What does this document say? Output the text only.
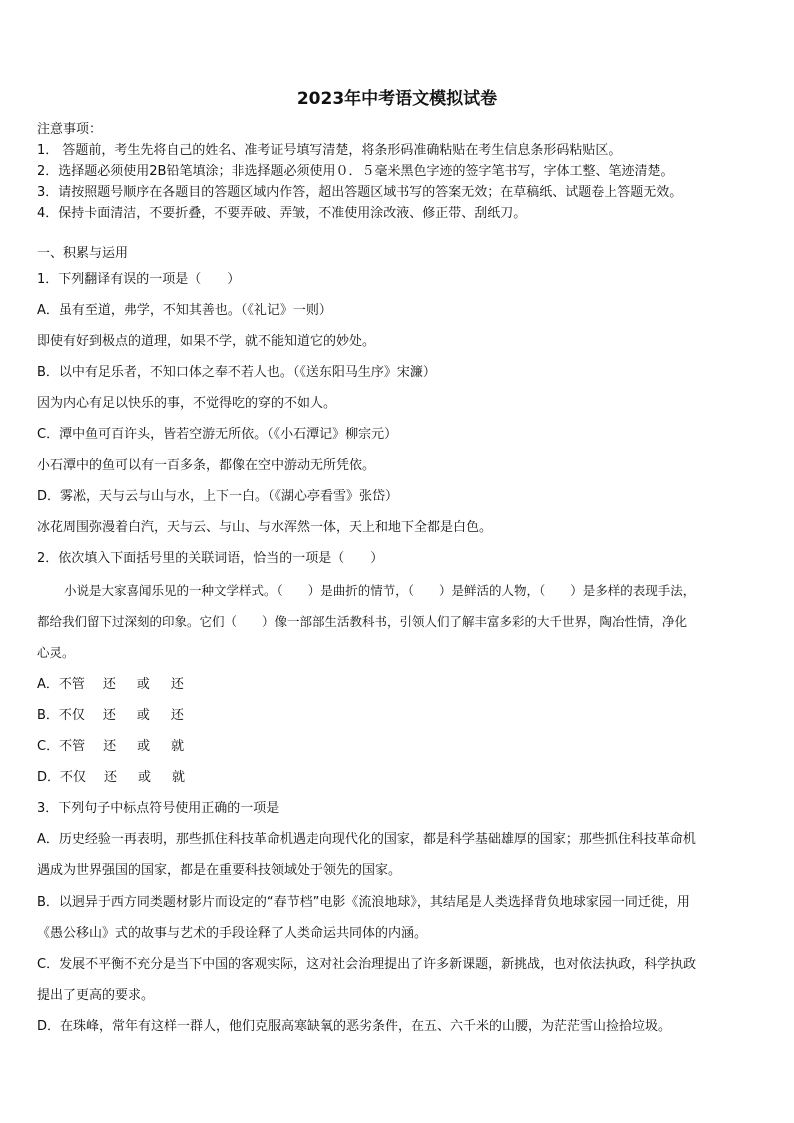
2023年中考语文模拟试卷
注意事项：
1． 答题前，考生先将自己的姓名、准考证号填写清楚，将条形码准确粘贴在考生信息条形码粘贴区。
2．选择题必须使用2B铅笔填涂；非选择题必须使用０．５毫米黑色字迹的签字笔书写，字体工整、笔迹清楚。
3．请按照题号顺序在各题目的答题区域内作答，超出答题区域书写的答案无效；在草稿纸、试题卷上答题无效。
4．保持卡面清洁，不要折叠，不要弄破、弄皱，不准使用涂改液、修正带、刮纸刀。
一、积累与运用
1．下列翻译有误的一项是（　　）
A．虽有至道，弗学，不知其善也。（《礼记》一则）
即使有好到极点的道理，如果不学，就不能知道它的妙处。
B．以中有足乐者，不知口体之奉不若人也。（《送东阳马生序》宋濂）
因为内心有足以快乐的事，不觉得吃的穿的不如人。
C．潭中鱼可百许头，皆若空游无所依。（《小石潭记》柳宗元）
小石潭中的鱼可以有一百多条，都像在空中游动无所凭依。
D．雾凇，天与云与山与水，上下一白。（《湖心亭看雪》张岱）
冰花周围弥漫着白汽，天与云、与山、与水浑然一体，天上和地下全都是白色。
2．依次填入下面括号里的关联词语，恰当的一项是（　　）
小说是大家喜闻乐见的一种文学样式。（　　）是曲折的情节，（　　）是鲜活的人物，（　　）是多样的表现手法，
都给我们留下过深刻的印象。它们（　　）像一部部生活教科书，引领人们了解丰富多彩的大千世界，陶冶性情，净化
心灵。
A．不管 还 或 还
B．不仅 还 或 还
C．不管 还 或 就
D．不仅 还 或 就
3．下列句子中标点符号使用正确的一项是
A．历史经验一再表明，那些抓住科技革命机遇走向现代化的国家，都是科学基础雄厚的国家；那些抓住科技革命机
遇成为世界强国的国家，都是在重要科技领域处于领先的国家。
B．以迥异于西方同类题材影片而设定的“春节档”电影《流浪地球》，其结尾是人类选择背负地球家园一同迁徙，用
《愚公移山》式的故事与艺术的手段诠释了人类命运共同体的内涵。
C．发展不平衡不充分是当下中国的客观实际，这对社会治理提出了许多新课题，新挑战，也对依法执政，科学执政
提出了更高的要求。
D．在珠峰，常年有这样一群人，他们克服高寒缺氧的恶劣条件，在五、六千米的山腰，为茫茫雪山捡拾垃圾。
